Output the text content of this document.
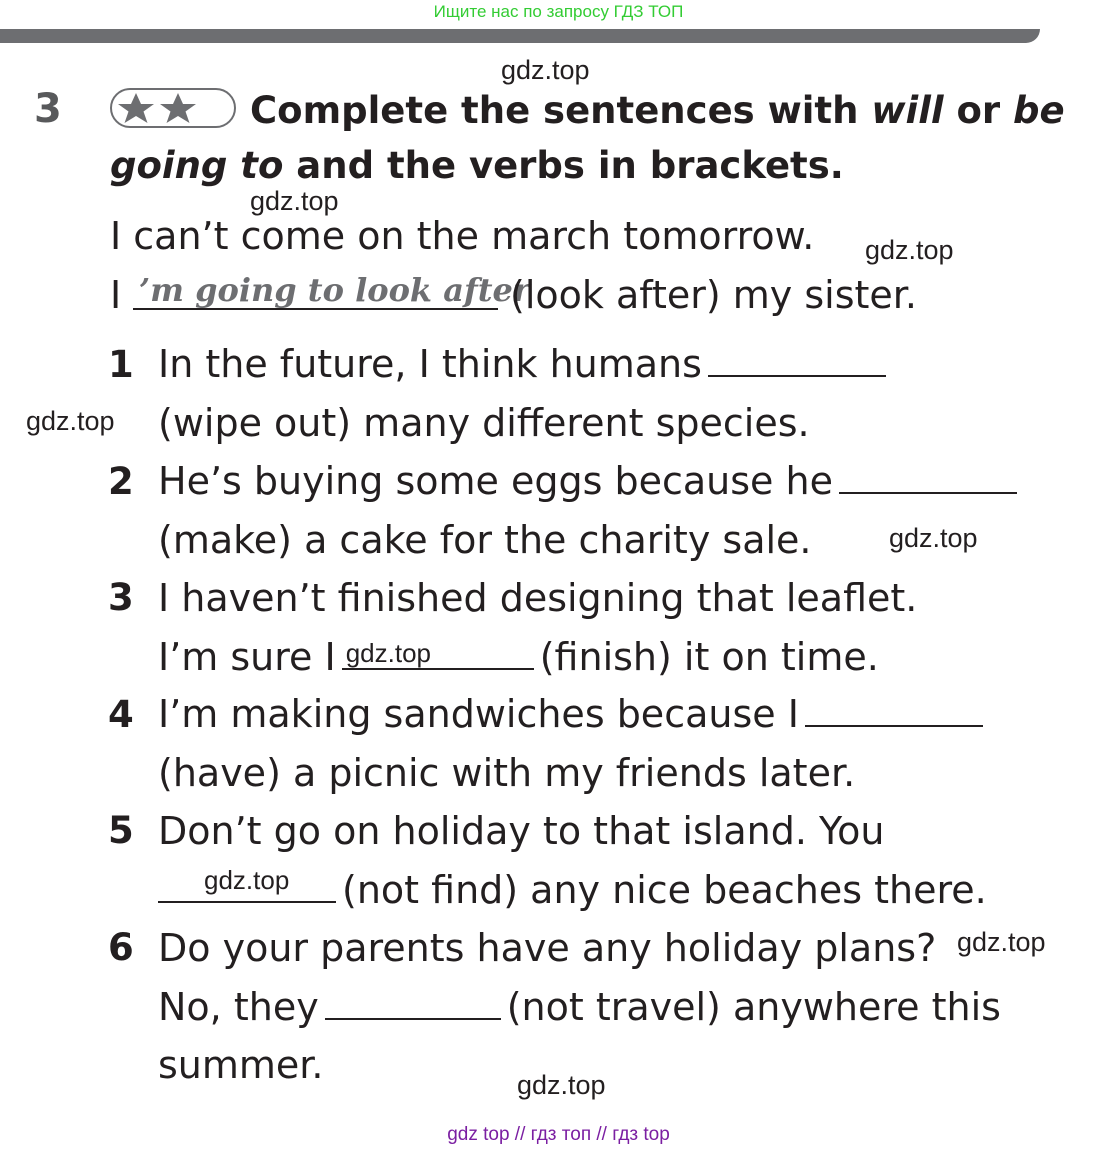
Ищите нас по запросу ГДЗ ТОП
gdz.top
gdz.top
gdz.top
gdz.top
gdz.top
gdz.top
gdz.top
3	Complete the sentences with will or be
going to and the verbs in brackets.
I can’t come on the march tomorrow.
I ’m going to look after
(look after) my sister.
1 In the future, I think humans
(wipe out) many different species.
2 He’s buying some eggs because he
(make) a cake for the charity sale.
3 I haven’t finished designing that leaflet.
I’m sure I gdz.top	(finish) it on time.
4 I’m making sandwiches because I
(have) a picnic with my friends later.
5 Don’t go on holiday to that island. You
gdz.top (not find) any nice beaches there.
6 Do your parents have any holiday plans?
No, they	(not travel) anywhere this
summer.
gdz top // гдз топ // гдз top
